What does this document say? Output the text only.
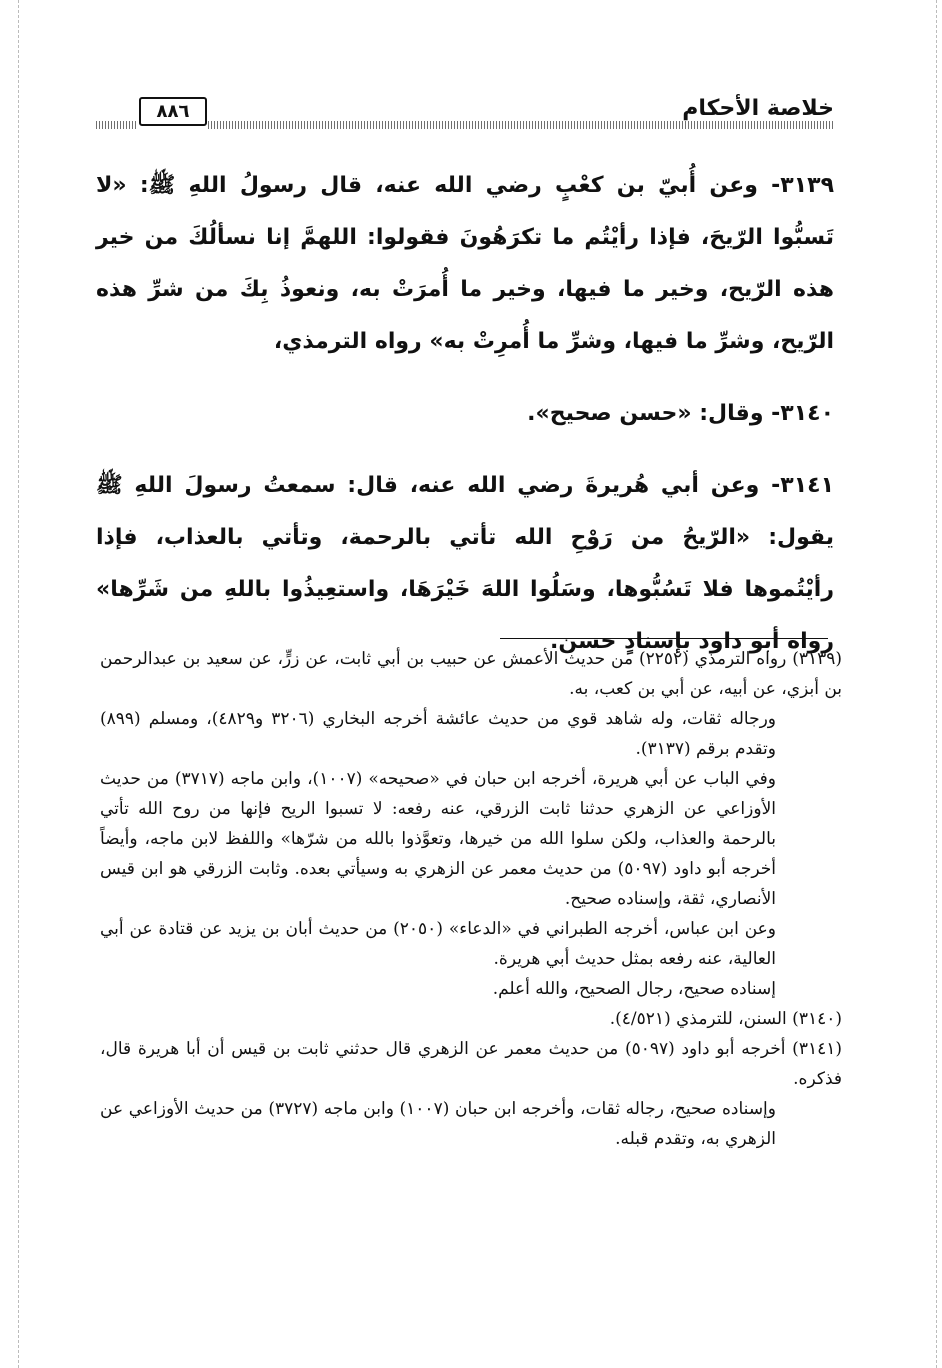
٨٨٦	خلاصة الأحكام

٣١٣٩- وعن أُبيّ بن كعْبٍ رضي الله عنه، قال رسولُ اللهِ ﷺ: «لا تَسبُّوا الرّيحَ، فإذا رأيْتُم ما تكرَهُونَ فقولوا: اللهمَّ إنا نسألُكَ من خير هذه الرّيح، وخير ما فيها، وخير ما أُمرَتْ به، ونعوذُ بِكَ من شرِّ هذه الرّيح، وشرِّ ما فيها، وشرِّ ما أُمرِتْ به» رواه الترمذي،

٣١٤٠- وقال: «حسن صحيح».

٣١٤١- وعن أبي هُريرةَ رضي الله عنه، قال: سمعتُ رسولَ اللهِ ﷺ يقول: «الرّيحُ من رَوْحِ الله تأتي بالرحمة، وتأتي بالعذاب، فإذا رأيْتُموها فلا تَسُبُّوها، وسَلُوا اللهَ خَيْرَهَا، واستعِيذُوا باللهِ من شَرِّها» رواه أبو داود بإسنادٍ حسن.

(٣١٣٩) رواه الترمذي (٢٢٥٢) من حديث الأعمش عن حبيب بن أبي ثابت، عن زرٍّ، عن سعيد بن عبدالرحمن بن أبزي، عن أبيه، عن أبي بن كعب، به.

ورجاله ثقات، وله شاهد قوي من حديث عائشة أخرجه البخاري (٣٢٠٦ و٤٨٢٩)، ومسلم (٨٩٩) وتقدم برقم (٣١٣٧).

وفي الباب عن أبي هريرة، أخرجه ابن حبان في «صحيحه» (١٠٠٧)، وابن ماجه (٣٧١٧) من حديث الأوزاعي عن الزهري حدثنا ثابت الزرقي، عنه رفعه: لا تسبوا الريح فإنها من روح الله تأتي بالرحمة والعذاب، ولكن سلوا الله من خيرها، وتعوَّذوا بالله من شرّها» واللفظ لابن ماجه، وأيضاً أخرجه أبو داود (٥٠٩٧) من حديث معمر عن الزهري به وسيأتي بعده. وثابت الزرقي هو ابن قيس الأنصاري، ثقة، وإسناده صحيح.

وعن ابن عباس، أخرجه الطبراني في «الدعاء» (٢٠٥٠) من حديث أبان بن يزيد عن قتادة عن أبي العالية، عنه رفعه بمثل حديث أبي هريرة.

إسناده صحيح، رجال الصحيح، والله أعلم.

(٣١٤٠) السنن، للترمذي (٤/٥٢١).

(٣١٤١) أخرجه أبو داود (٥٠٩٧) من حديث معمر عن الزهري قال حدثني ثابت بن قيس أن أبا هريرة قال، فذكره.

وإسناده صحيح، رجاله ثقات، وأخرجه ابن حبان (١٠٠٧) وابن ماجه (٣٧٢٧) من حديث الأوزاعي عن الزهري به، وتقدم قبله.
